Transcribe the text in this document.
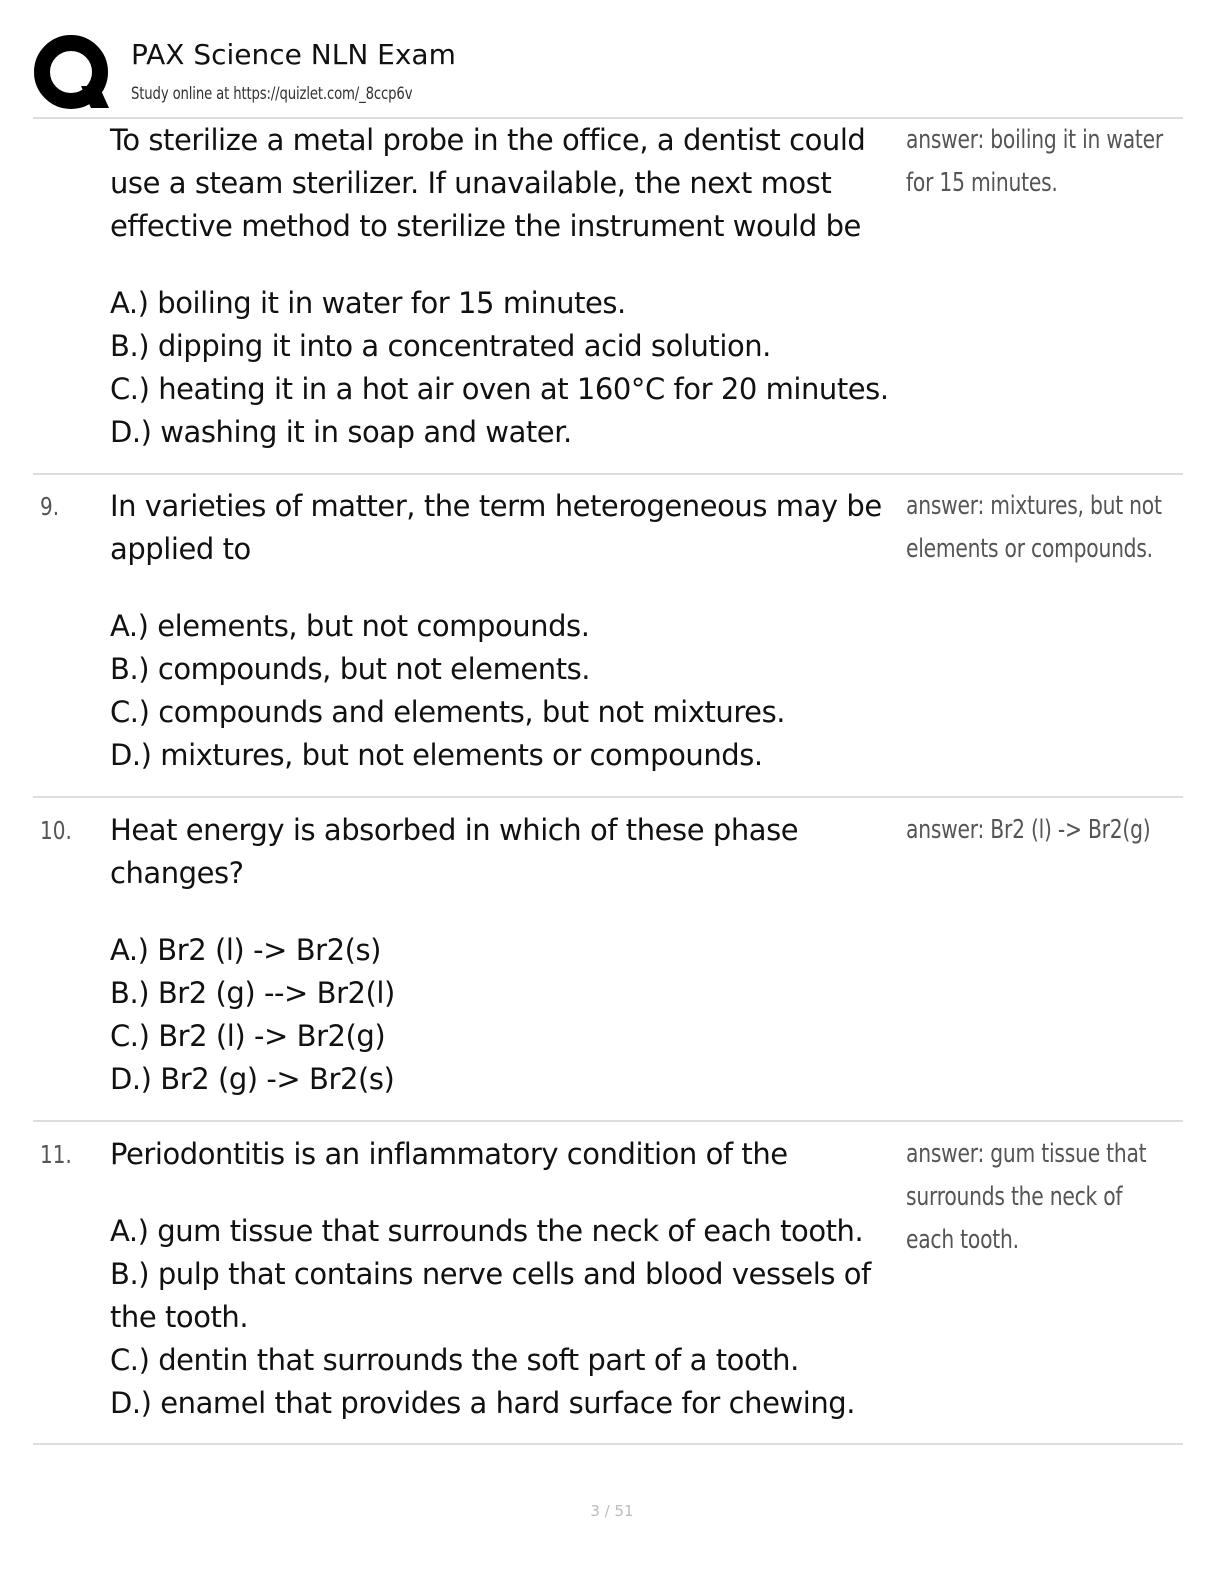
PAX Science NLN Exam
Study online at https://quizlet.com/_8ccp6v

To sterilize a metal probe in the office, a dentist could
use a steam sterilizer. If unavailable, the next most
effective method to sterilize the instrument would be

A.) boiling it in water for 15 minutes.
B.) dipping it into a concentrated acid solution.
C.) heating it in a hot air oven at 160°C for 20 minutes.
D.) washing it in soap and water.
answer: boiling it in water
for 15 minutes.
9. In varieties of matter, the term heterogeneous may be
applied to

A.) elements, but not compounds.
B.) compounds, but not elements.
C.) compounds and elements, but not mixtures.
D.) mixtures, but not elements or compounds.
answer: mixtures, but not
elements or compounds.
10. Heat energy is absorbed in which of these phase
changes?

A.) Br2 (l) -> Br2(s)
B.) Br2 (g) --> Br2(l)
C.) Br2 (l) -> Br2(g)
D.) Br2 (g) -> Br2(s)
answer: Br2 (l) -> Br2(g)
11. Periodontitis is an inflammatory condition of the

A.) gum tissue that surrounds the neck of each tooth.
B.) pulp that contains nerve cells and blood vessels of
the tooth.
C.) dentin that surrounds the soft part of a tooth.
D.) enamel that provides a hard surface for chewing.
answer: gum tissue that
surrounds the neck of
each tooth.
3 / 51
